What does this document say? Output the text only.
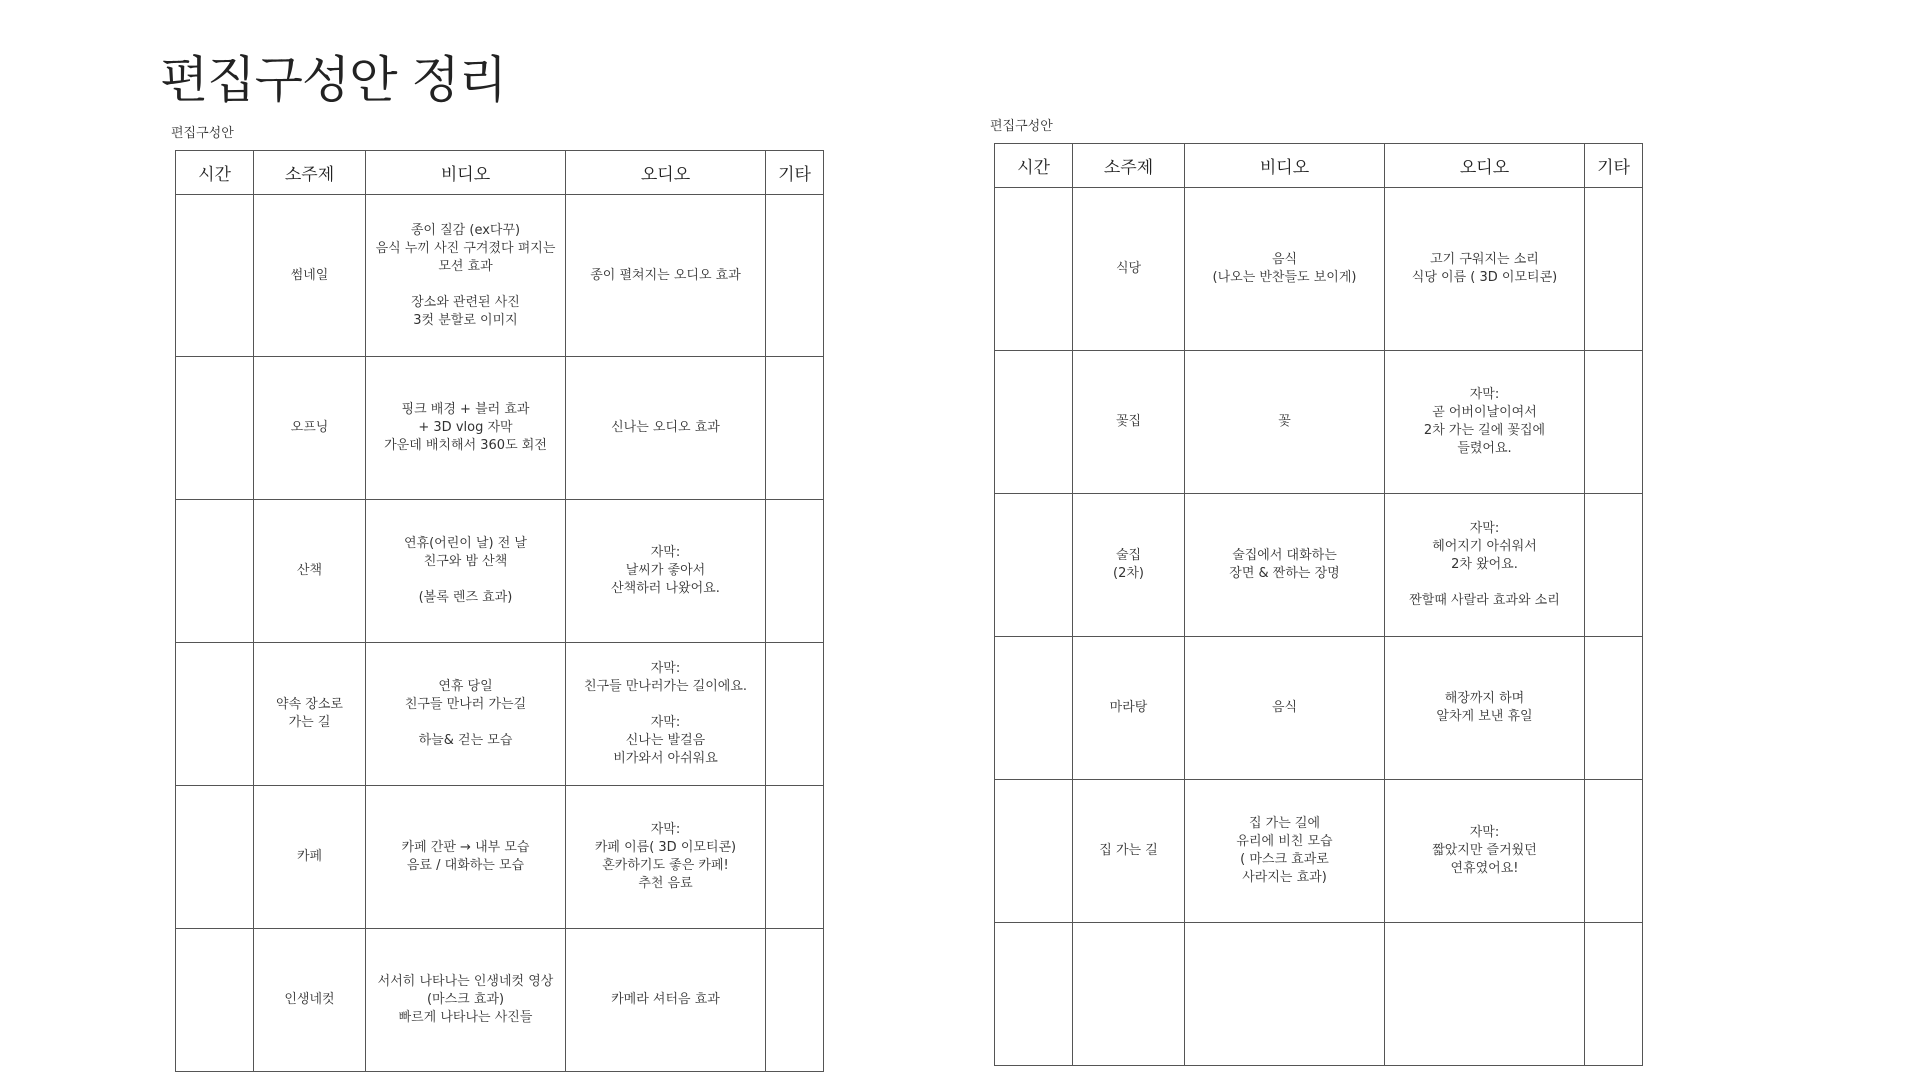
편집구성안 정리
편집구성안
시간	소주제	비디오	오디오	기타
	썸네일	종이 질감 (ex다꾸)
음식 누끼 사진 구겨졌다 펴지는
모션 효과

장소와 관련된 사진
3컷 분할로 이미지	종이 펼쳐지는 오디오 효과	
	오프닝	핑크 배경 + 블러 효과
+ 3D vlog 자막
가운데 배치해서 360도 회전	신나는 오디오 효과	
	산책	연휴(어린이 날) 전 날
친구와 밤 산책

(볼록 렌즈 효과)	자막:
날씨가 좋아서
산책하러 나왔어요.	
	약속 장소로
가는 길	연휴 당일
친구들 만나러 가는길

하늘& 걷는 모습	자막:
친구들 만나러가는 길이에요.

자막:
신나는 발걸음
비가와서 아쉬워요	
	카페	카페 간판 → 내부 모습
음료 / 대화하는 모습	자막:
카페 이름( 3D 이모티콘)
혼카하기도 좋은 카페!
추천 음료	
	인생네컷	서서히 나타나는 인생네컷 영상
(마스크 효과)
빠르게 나타나는 사진들	카메라 셔터음 효과	
편집구성안
시간	소주제	비디오	오디오	기타
	식당	음식
(나오는 반찬들도 보이게)	고기 구워지는 소리
식당 이름 ( 3D 이모티콘)	
	꽃집	꽃	자막:
곧 어버이날이여서
2차 가는 길에 꽃집에
들렸어요.	
	술집
(2차)	술집에서 대화하는
장면 & 짠하는 장명	자막:
헤어지기 아쉬워서
2차 왔어요.

짠할때 사랄라 효과와 소리	
	마라탕	음식	해장까지 하며
알차게 보낸 휴일	
	집 가는 길	집 가는 길에
유리에 비친 모습
( 마스크 효과로
사라지는 효과)	자막:
짧았지만 즐거웠던
연휴였어요!	
